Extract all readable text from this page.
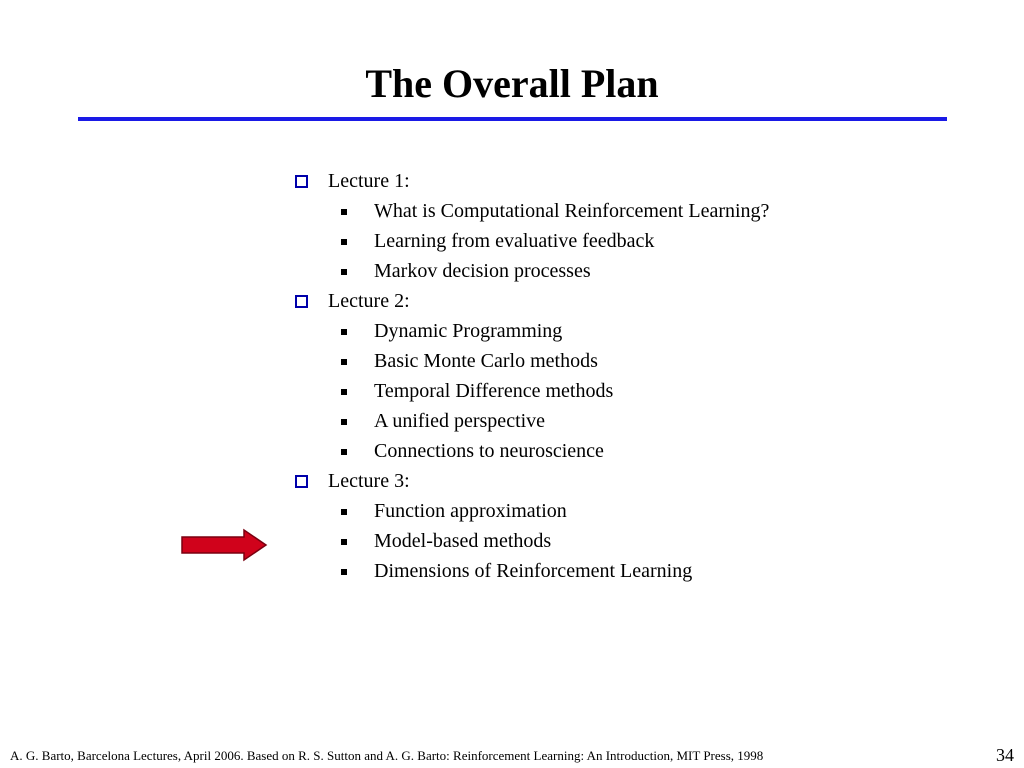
The Overall Plan
Lecture 1:
What is Computational Reinforcement Learning?
Learning from evaluative feedback
Markov decision processes
Lecture 2:
Dynamic Programming
Basic Monte Carlo methods
Temporal Difference methods
A unified perspective
Connections to neuroscience
Lecture 3:
Function approximation
Model-based methods
Dimensions of Reinforcement Learning
A. G. Barto, Barcelona Lectures, April 2006. Based on R. S. Sutton and A. G. Barto: Reinforcement Learning: An Introduction, MIT Press, 1998	34
